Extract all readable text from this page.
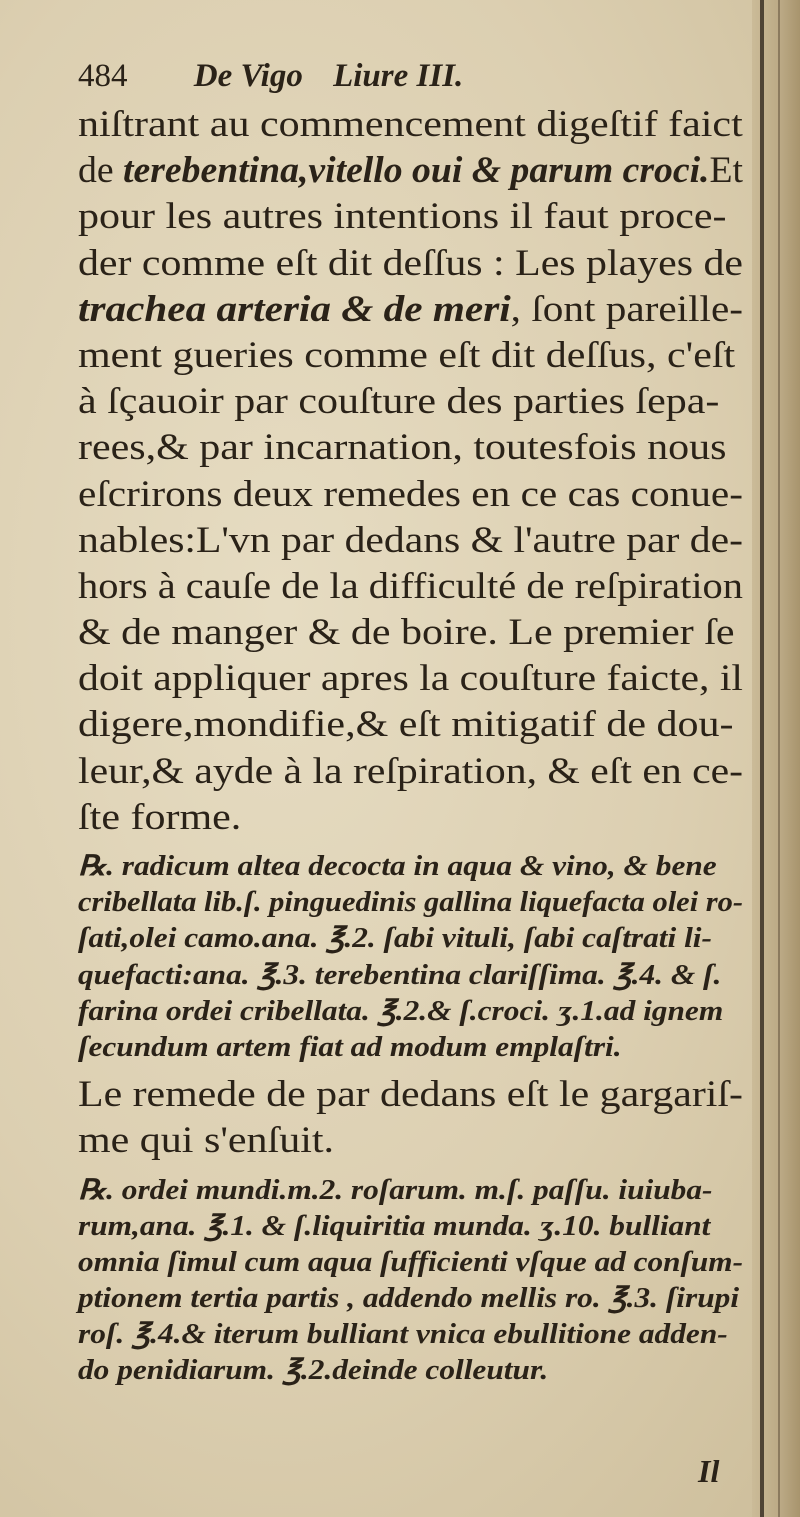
484 De Vigo Liure III.
niſtrant au commencement digeſtif faict
de terebentina,vitello oui & parum croci.Et
pour les autres intentions il faut proce-
der comme eſt dit deſſus : Les playes de
trachea arteria & de meri, ſont pareille-
ment gueries comme eſt dit deſſus, c'eſt
à ſçauoir par couſture des parties ſepa-
rees,& par incarnation, toutesfois nous
eſcrirons deux remedes en ce cas conue-
nables:L'vn par dedans & l'autre par de-
hors à cauſe de la difficulté de reſpiration
& de manger & de boire. Le premier ſe
doit appliquer apres la couſture faicte, il
digere,mondifie,& eſt mitigatif de dou-
leur,& ayde à la reſpiration, & eſt en ce-
ſte forme.
℞. radicum altea decocta in aqua & vino, & bene
cribellata lib.ſ. pinguedinis gallina liquefacta olei ro-
ſati,olei camo.ana. ℥.2. ſabi vituli, ſabi caſtrati li-
quefacti:ana. ℥.3. terebentina clariſſima. ℥.4. & ſ.
farina ordei cribellata. ℥.2.& ſ.croci. ʒ.1.ad ignem
ſecundum artem fiat ad modum emplaſtri.
Le remede de par dedans eſt le gargariſ-
me qui s'enſuit.
℞. ordei mundi.m.2. roſarum. m.ſ. paſſu. iuiuba-
rum,ana. ℥.1. & ſ.liquiritia munda. ʒ.10. bulliant
omnia ſimul cum aqua ſufficienti vſque ad conſum-
ptionem tertia partis , addendo mellis ro. ℥.3. ſirupi
roſ. ℥.4.& iterum bulliant vnica ebullitione adden-
do penidiarum. ℥.2.deinde colleutur.
Il
